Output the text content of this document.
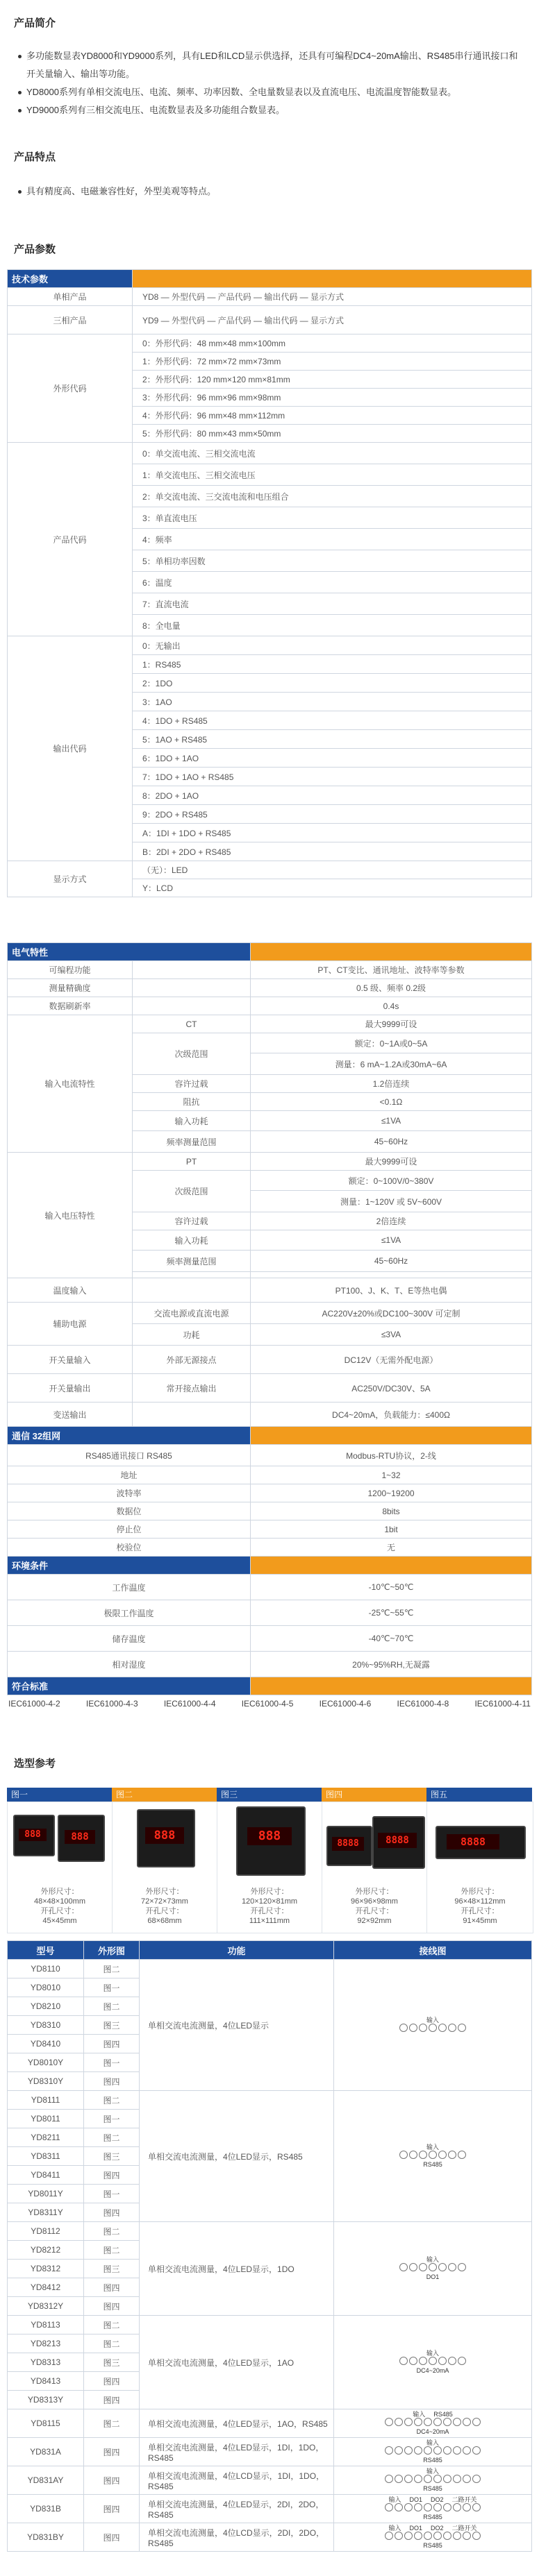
产品简介
多功能数显表YD8000和YD9000系列，具有LED和LCD显示供选择，还具有可编程DC4~20mA输出、RS485串行通讯接口和开关量输入、输出等功能。
YD8000系列有单相交流电压、电流、频率、功率因数、全电量数显表以及直流电压、电流温度智能数显表。
YD9000系列有三相交流电压、电流数显表及多功能组合数显表。
产品特点
具有精度高、电磁兼容性好，外型美观等特点。
产品参数
技术参数	
单相产品	YD8 — 外型代码 — 产品代码 — 输出代码 — 显示方式
三相产品	YD9 — 外型代码 — 产品代码 — 输出代码 — 显示方式
外形代码	0：外形代码：48 mm×48 mm×100mm
	1：外形代码：72 mm×72 mm×73mm
	2：外形代码：120 mm×120 mm×81mm
	3：外形代码：96 mm×96 mm×98mm
	4：外形代码：96 mm×48 mm×112mm
	5：外形代码：80 mm×43 mm×50mm
产品代码	0：单交流电流、三相交流电流
	1：单交流电压、三相交流电压
	2：单交流电流、三交流电流和电压组合
	3：单直流电压
	4：频率
	5：单相功率因数
	6：温度
	7：直流电流
	8：全电量
输出代码	0：无输出
	1：RS485
	2：1DO
	3：1AO
	4：1DO + RS485
	5：1AO + RS485
	6：1DO + 1AO
	7：1DO + 1AO + RS485
	8：2DO + 1AO
	9：2DO + RS485
	A：1DI + 1DO + RS485
	B：2DI + 2DO + RS485
显示方式	（无）：LED
	Y：LCD
电气特性		
可编程功能		PT、CT变比、通讯地址、波特率等参数
测量精确度		0.5 级、频率 0.2级
数据刷新率		0.4s
输入电流特性	CT	最大9999可设
	次级范围	额定：0~1A或0~5A
		测量：6 mA~1.2A或30mA~6A
	容许过载	1.2倍连续
	阻抗	<0.1Ω
	输入功耗	≤1VA
	频率测量范围	45~60Hz
输入电压特性	PT	最大9999可设
	次级范围	额定：0~100V/0~380V
		测量：1~120V 或 5V~600V
	容许过载	2倍连续
	输入功耗	≤1VA
	频率测量范围	45~60Hz

温度输入		PT100、J、K、T、E等热电偶
辅助电源	交流电源或直流电源	AC220V±20%或DC100~300V 可定制
	功耗	≤3VA
开关量输入	外部无源接点	DC12V（无需外配电源）
开关量输出	常开接点输出	AC250V/DC30V、5A
变送输出		DC4~20mA，负载能力：≤400Ω
通信 32组网		
RS485通讯接口 RS485		Modbus-RTU协议，2-线
地址		1~32
波特率		1200~19200
数据位		8bits
停止位		1bit
校验位		无
环境条件		
工作温度		-10℃~50℃
极限工作温度		-25℃~55℃
储存温度		-40℃~70℃
相对湿度		20%~95%RH,无凝露
符合标准		
IEC61000-4-2	IEC61000-4-3	IEC61000-4-4	IEC61000-4-5	IEC61000-4-6	IEC61000-4-8	IEC61000-4-11
选型参考
图一
888	888
外形尺寸：
48×48×100mm
开孔尺寸：
45×45mm
图二
888
外形尺寸：
72×72×73mm
开孔尺寸：
68×68mm
图三
888
外形尺寸：
120×120×81mm
开孔尺寸：
111×111mm
图四
8888	8888
外形尺寸：
96×96×98mm
开孔尺寸：
92×92mm
图五
8888
外形尺寸：
96×48×112mm
开孔尺寸：
91×45mm
型号	外形图	功能	接线图
YD8110	图二	单相交流电流测量，4位LED显示	输入

YD8010	图一		
YD8210	图二		
YD8310	图三		
YD8410	图四		
YD8010Y	图一		
YD8310Y	图四		
YD8111	图二	单相交流电流测量，4位LED显示，RS485	输入
RS485

YD8011	图一		
YD8211	图二		
YD8311	图三		
YD8411	图四		
YD8011Y	图一		
YD8311Y	图四		
YD8112	图二	单相交流电流测量，4位LED显示，1DO	输入
DO1

YD8212	图二		
YD8312	图三		
YD8412	图四		
YD8312Y	图四		
YD8113	图二	单相交流电流测量，4位LED显示，1AO	输入
DC4~20mA

YD8213	图二		
YD8313	图三		
YD8413	图四		
YD8313Y	图四		
YD8115	图二	单相交流电流测量，4位LED显示，1AO，RS485	输入 RS485
DC4~20mA

YD831A	图四	单相交流电流测量，4位LED显示，1DI，1DO，RS485	输入
RS485

YD831AY	图四	单相交流电流测量，4位LCD显示，1DI，1DO，RS485	输入
RS485

YD831B	图四	单相交流电流测量，4位LED显示，2DI，2DO，RS485	输入 DO1 DO2 二路开关
RS485

YD831BY	图四	单相交流电流测量，4位LCD显示，2DI，2DO，RS485	输入 DO1 DO2 二路开关
RS485
